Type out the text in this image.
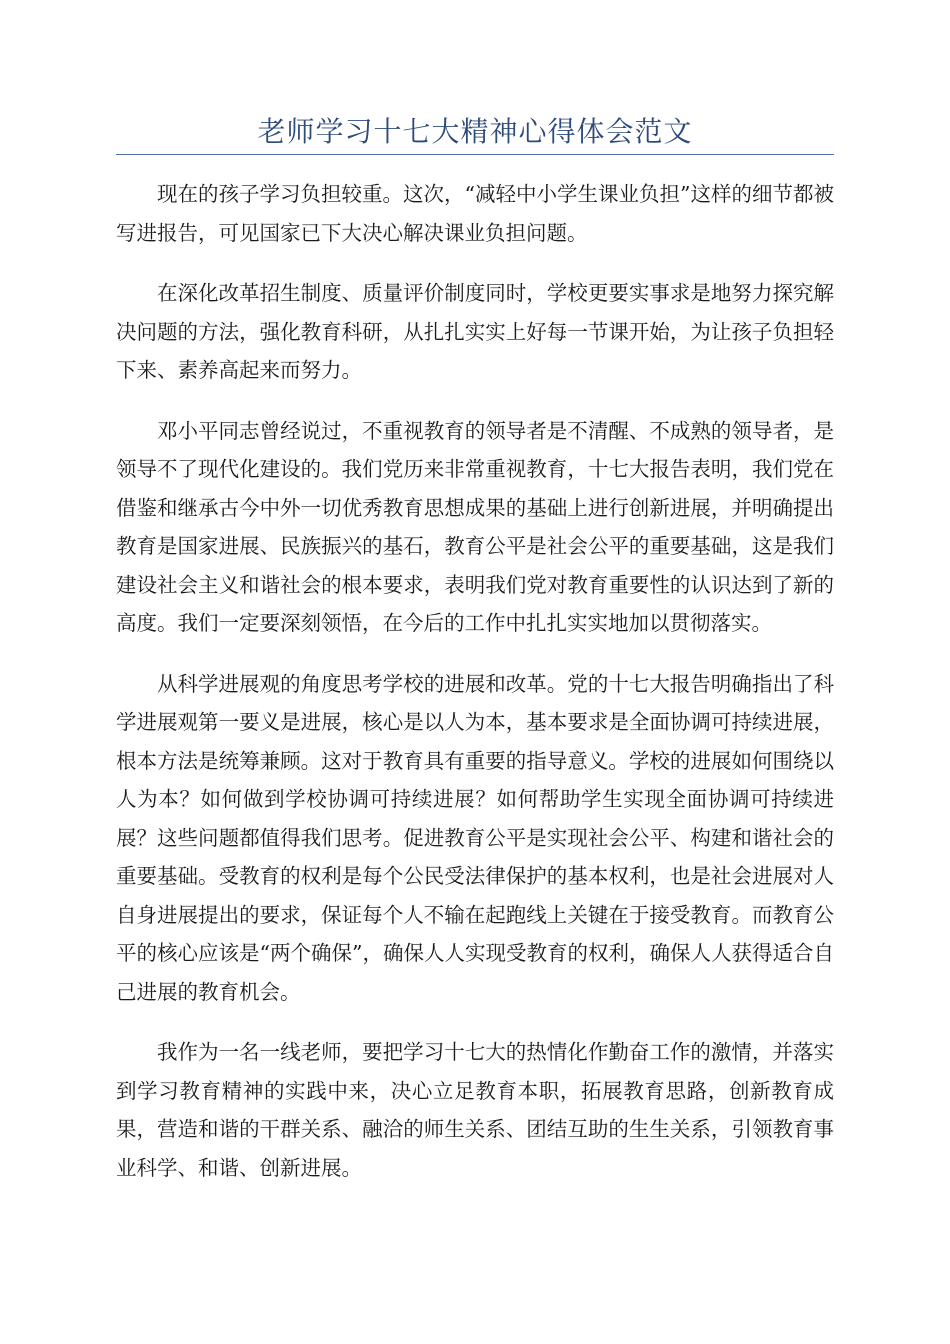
老师学习十七大精神心得体会范文

现在的孩子学习负担较重。这次，“减轻中小学生课业负担”这样的细节都被写进报告，可见国家已下大决心解决课业负担问题。

在深化改革招生制度、质量评价制度同时，学校更要实事求是地努力探究解决问题的方法，强化教育科研，从扎扎实实上好每一节课开始，为让孩子负担轻下来、素养高起来而努力。

邓小平同志曾经说过，不重视教育的领导者是不清醒、不成熟的领导者，是领导不了现代化建设的。我们党历来非常重视教育，十七大报告表明，我们党在借鉴和继承古今中外一切优秀教育思想成果的基础上进行创新进展，并明确提出教育是国家进展、民族振兴的基石，教育公平是社会公平的重要基础，这是我们建设社会主义和谐社会的根本要求，表明我们党对教育重要性的认识达到了新的高度。我们一定要深刻领悟，在今后的工作中扎扎实实地加以贯彻落实。

从科学进展观的角度思考学校的进展和改革。党的十七大报告明确指出了科学进展观第一要义是进展，核心是以人为本，基本要求是全面协调可持续进展，根本方法是统筹兼顾。这对于教育具有重要的指导意义。学校的进展如何围绕以人为本？如何做到学校协调可持续进展？如何帮助学生实现全面协调可持续进展？这些问题都值得我们思考。促进教育公平是实现社会公平、构建和谐社会的重要基础。受教育的权利是每个公民受法律保护的基本权利，也是社会进展对人自身进展提出的要求，保证每个人不输在起跑线上关键在于接受教育。而教育公平的核心应该是“两个确保”，确保人人实现受教育的权利，确保人人获得适合自己进展的教育机会。

我作为一名一线老师，要把学习十七大的热情化作勤奋工作的激情，并落实到学习教育精神的实践中来，决心立足教育本职，拓展教育思路，创新教育成果，营造和谐的干群关系、融洽的师生关系、团结互助的生生关系，引领教育事业科学、和谐、创新进展。
